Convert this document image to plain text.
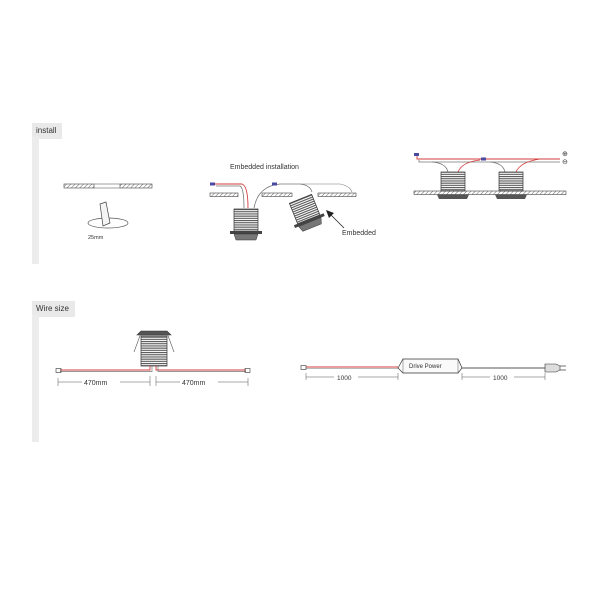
install
Wire size
25mm
Embedded installation
Embedded
⊕
⊖
470mm	470mm
Drive Power
1000	1000
